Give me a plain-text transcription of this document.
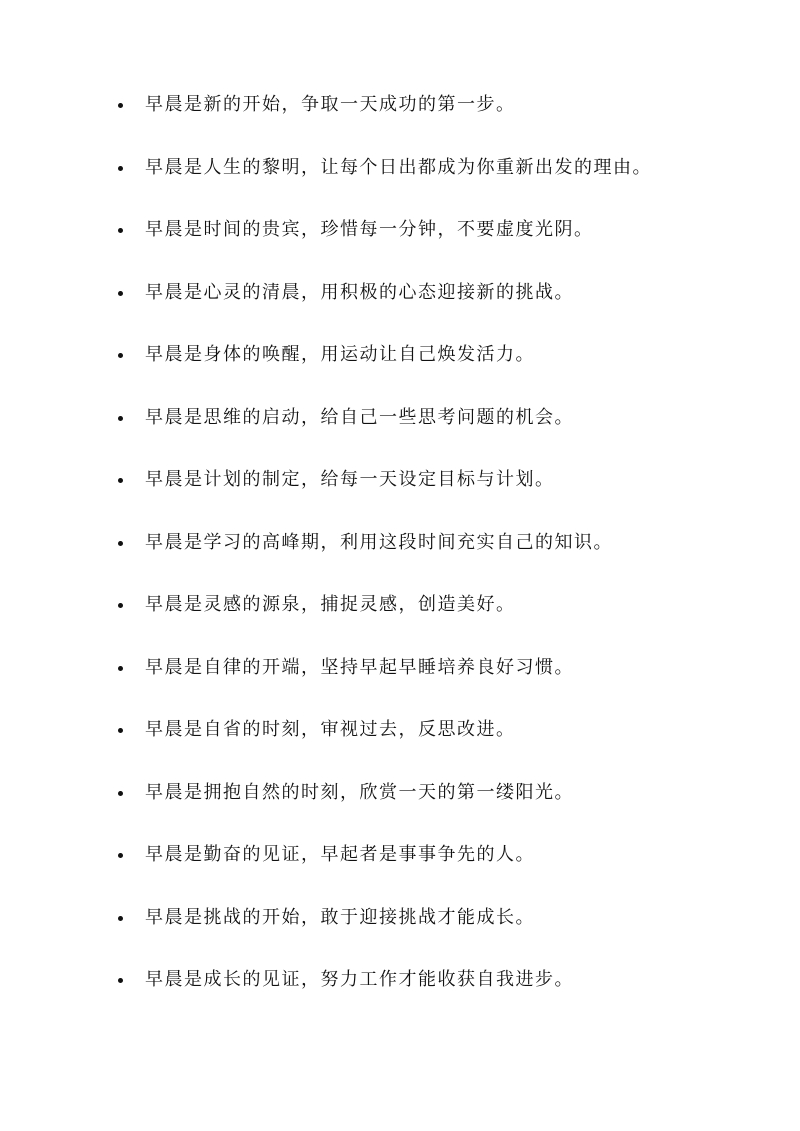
早晨是新的开始，争取一天成功的第一步。
早晨是人生的黎明，让每个日出都成为你重新出发的理由。
早晨是时间的贵宾，珍惜每一分钟，不要虚度光阴。
早晨是心灵的清晨，用积极的心态迎接新的挑战。
早晨是身体的唤醒，用运动让自己焕发活力。
早晨是思维的启动，给自己一些思考问题的机会。
早晨是计划的制定，给每一天设定目标与计划。
早晨是学习的高峰期，利用这段时间充实自己的知识。
早晨是灵感的源泉，捕捉灵感，创造美好。
早晨是自律的开端，坚持早起早睡培养良好习惯。
早晨是自省的时刻，审视过去，反思改进。
早晨是拥抱自然的时刻，欣赏一天的第一缕阳光。
早晨是勤奋的见证，早起者是事事争先的人。
早晨是挑战的开始，敢于迎接挑战才能成长。
早晨是成长的见证，努力工作才能收获自我进步。
